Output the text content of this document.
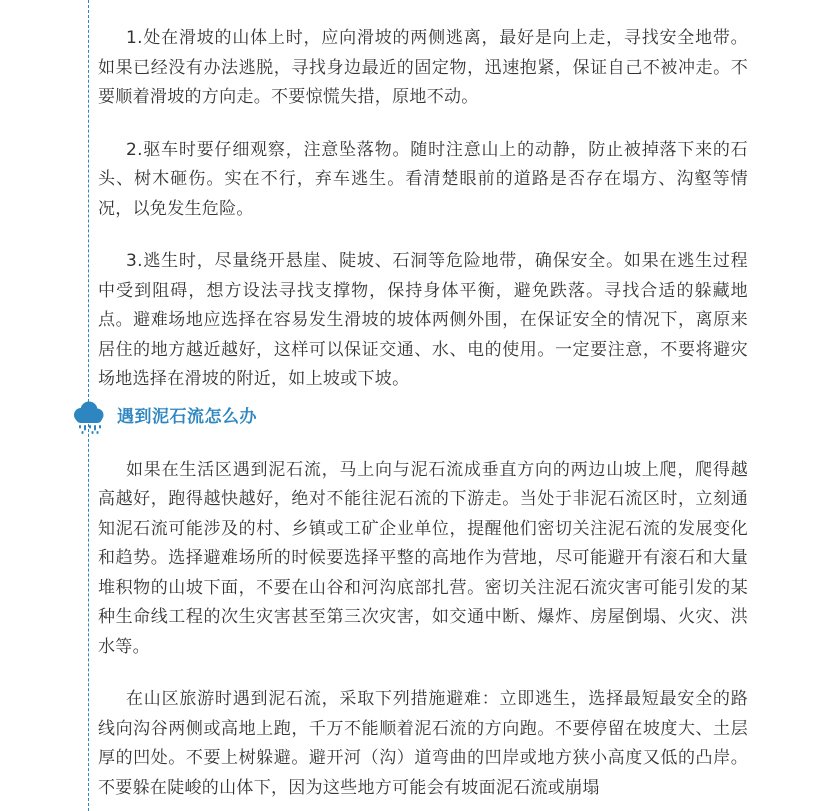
1.处在滑坡的山体上时，应向滑坡的两侧逃离，最好是向上走，寻找安全地带。如果已经没有办法逃脱，寻找身边最近的固定物，迅速抱紧，保证自己不被冲走。不要顺着滑坡的方向走。不要惊慌失措，原地不动。

2.驱车时要仔细观察，注意坠落物。随时注意山上的动静，防止被掉落下来的石头、树木砸伤。实在不行，弃车逃生。看清楚眼前的道路是否存在塌方、沟壑等情况，以免发生危险。

3.逃生时，尽量绕开悬崖、陡坡、石洞等危险地带，确保安全。如果在逃生过程中受到阻碍，想方设法寻找支撑物，保持身体平衡，避免跌落。寻找合适的躲藏地点。避难场地应选择在容易发生滑坡的坡体两侧外围，在保证安全的情况下，离原来居住的地方越近越好，这样可以保证交通、水、电的使用。一定要注意，不要将避灾场地选择在滑坡的附近，如上坡或下坡。

遇到泥石流怎么办

如果在生活区遇到泥石流，马上向与泥石流成垂直方向的两边山坡上爬，爬得越高越好，跑得越快越好，绝对不能往泥石流的下游走。当处于非泥石流区时，立刻通知泥石流可能涉及的村、乡镇或工矿企业单位，提醒他们密切关注泥石流的发展变化和趋势。选择避难场所的时候要选择平整的高地作为营地，尽可能避开有滚石和大量堆积物的山坡下面，不要在山谷和河沟底部扎营。密切关注泥石流灾害可能引发的某种生命线工程的次生灾害甚至第三次灾害，如交通中断、爆炸、房屋倒塌、火灾、洪水等。

在山区旅游时遇到泥石流，采取下列措施避难：立即逃生，选择最短最安全的路线向沟谷两侧或高地上跑，千万不能顺着泥石流的方向跑。不要停留在坡度大、土层厚的凹处。不要上树躲避。避开河（沟）道弯曲的凹岸或地方狭小高度又低的凸岸。不要躲在陡峻的山体下，因为这些地方可能会有坡面泥石流或崩塌
